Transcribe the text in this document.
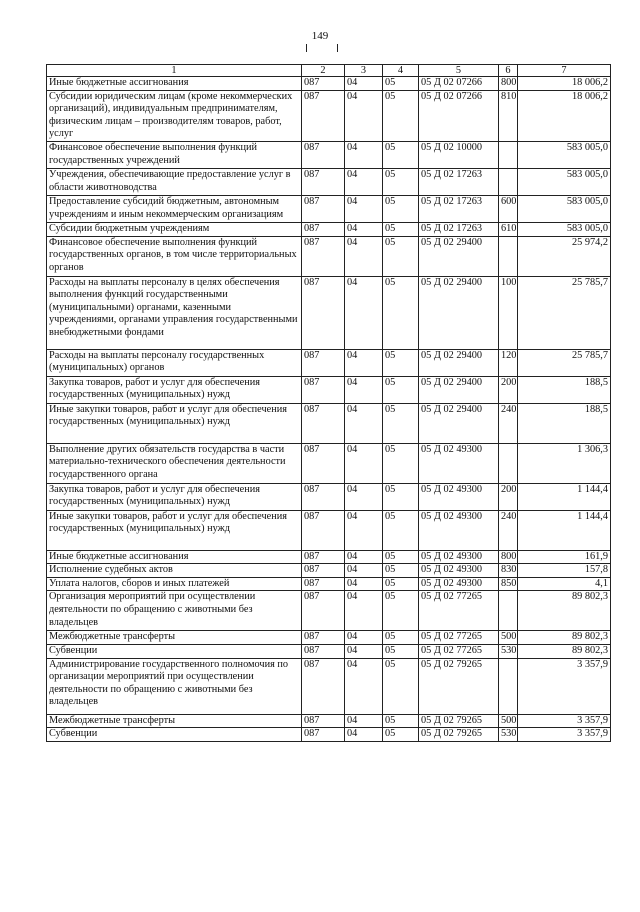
149
1	2	3	4	5	6	7
Иные бюджетные ассигнования	087	04	05	05 Д 02 07266	800	18 006,2
Субсидии юридическим лицам (кроме некоммерческих организаций), индивидуальным предпринимателям, физическим лицам – производителям товаров, работ, услуг	087	04	05	05 Д 02 07266	810	18 006,2
Финансовое обеспечение выполнения функций государственных учреждений	087	04	05	05 Д 02 10000		583 005,0
Учреждения, обеспечивающие предоставление услуг в области животноводства	087	04	05	05 Д 02 17263		583 005,0
Предоставление субсидий бюджетным, автономным учреждениям и иным некоммерческим организациям	087	04	05	05 Д 02 17263	600	583 005,0
Субсидии бюджетным учреждениям	087	04	05	05 Д 02 17263	610	583 005,0
Финансовое обеспечение выполнения функций государственных органов, в том числе территориальных органов	087	04	05	05 Д 02 29400		25 974,2
Расходы на выплаты персоналу в целях обеспечения выполнения функций государственными (муниципальными) органами, казенными учреждениями, органами управления государственными внебюджетными фондами	087	04	05	05 Д 02 29400	100	25 785,7
Расходы на выплаты персоналу государственных (муниципальных) органов	087	04	05	05 Д 02 29400	120	25 785,7
Закупка товаров, работ и услуг для обеспечения государственных (муниципальных) нужд	087	04	05	05 Д 02 29400	200	188,5
Иные закупки товаров, работ и услуг для обеспечения государственных (муниципальных) нужд	087	04	05	05 Д 02 29400	240	188,5
Выполнение других обязательств государства в части материально-технического обеспечения деятельности государственного органа	087	04	05	05 Д 02 49300		1 306,3
Закупка товаров, работ и услуг для обеспечения государственных (муниципальных) нужд	087	04	05	05 Д 02 49300	200	1 144,4
Иные закупки товаров, работ и услуг для обеспечения государственных (муниципальных) нужд	087	04	05	05 Д 02 49300	240	1 144,4
Иные бюджетные ассигнования	087	04	05	05 Д 02 49300	800	161,9
Исполнение судебных актов	087	04	05	05 Д 02 49300	830	157,8
Уплата налогов, сборов и иных платежей	087	04	05	05 Д 02 49300	850	4,1
Организация мероприятий при осуществлении деятельности по обращению с животными без владельцев	087	04	05	05 Д 02 77265		89 802,3
Межбюджетные трансферты	087	04	05	05 Д 02 77265	500	89 802,3
Субвенции	087	04	05	05 Д 02 77265	530	89 802,3
Администрирование государственного полномочия по организации мероприятий при осуществлении деятельности по обращению с животными без владельцев	087	04	05	05 Д 02 79265		3 357,9
Межбюджетные трансферты	087	04	05	05 Д 02 79265	500	3 357,9
Субвенции	087	04	05	05 Д 02 79265	530	3 357,9
